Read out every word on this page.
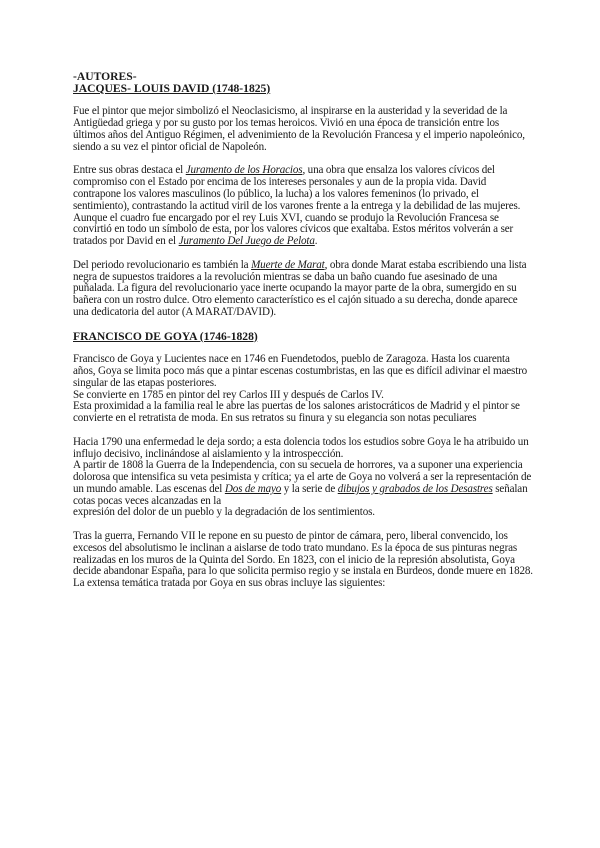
-AUTORES-

JACQUES- LOUIS DAVID (1748-1825)

Fue el pintor que mejor simbolizó el Neoclasicismo, al inspirarse en la austeridad y la severidad de la Antigüedad griega y por su gusto por los temas heroicos. Vivió en una época de transición entre los últimos años del Antiguo Régimen, el advenimiento de la Revolución Francesa y el imperio napoleónico, siendo a su vez el pintor oficial de Napoleón.

Entre sus obras destaca el Juramento de los Horacios, una obra que ensalza los valores cívicos del compromiso con el Estado por encima de los intereses personales y aun de la propia vida. David contrapone los valores masculinos (lo público, la lucha) a los valores femeninos (lo privado, el sentimiento), contrastando la actitud viril de los varones frente a la entrega y la debilidad de las mujeres. Aunque el cuadro fue encargado por el rey Luis XVI, cuando se produjo la Revolución Francesa se convirtió en todo un símbolo de esta, por los valores cívicos que exaltaba. Estos méritos volverán a ser tratados por David en el Juramento Del Juego de Pelota.

Del periodo revolucionario es también la Muerte de Marat, obra donde Marat estaba escribiendo una lista negra de supuestos traidores a la revolución mientras se daba un baño cuando fue asesinado de una puñalada. La figura del revolucionario yace inerte ocupando la mayor parte de la obra, sumergido en su bañera con un rostro dulce. Otro elemento característico es el cajón situado a su derecha, donde aparece una dedicatoria del autor (A MARAT/DAVID).

FRANCISCO DE GOYA (1746-1828)

Francisco de Goya y Lucientes nace en 1746 en Fuendetodos, pueblo de Zaragoza. Hasta los cuarenta años, Goya se limita poco más que a pintar escenas costumbristas, en las que es difícil adivinar el maestro singular de las etapas posteriores.

Se convierte en 1785 en pintor del rey Carlos III y después de Carlos IV.

Esta proximidad a la familia real le abre las puertas de los salones aristocráticos de Madrid y el pintor se convierte en el retratista de moda. En sus retratos su finura y su elegancia son notas peculiares

Hacia 1790 una enfermedad le deja sordo; a esta dolencia todos los estudios sobre Goya le ha atribuido un influjo decisivo, inclinándose al aislamiento y la introspección.

A partir de 1808 la Guerra de la Independencia, con su secuela de horrores, va a suponer una experiencia dolorosa que intensifica su veta pesimista y crítica; ya el arte de Goya no volverá a ser la representación de un mundo amable. Las escenas del Dos de mayo y la serie de dibujos y grabados de los Desastres señalan cotas pocas veces alcanzadas en la

expresión del dolor de un pueblo y la degradación de los sentimientos.

Tras la guerra, Fernando VII le repone en su puesto de pintor de cámara, pero, liberal convencido, los excesos del absolutismo le inclinan a aislarse de todo trato mundano. Es la época de sus pinturas negras realizadas en los muros de la Quinta del Sordo. En 1823, con el inicio de la represión absolutista, Goya decide abandonar España, para lo que solicita permiso regio y se instala en Burdeos, donde muere en 1828.

La extensa temática tratada por Goya en sus obras incluye las siguientes:
